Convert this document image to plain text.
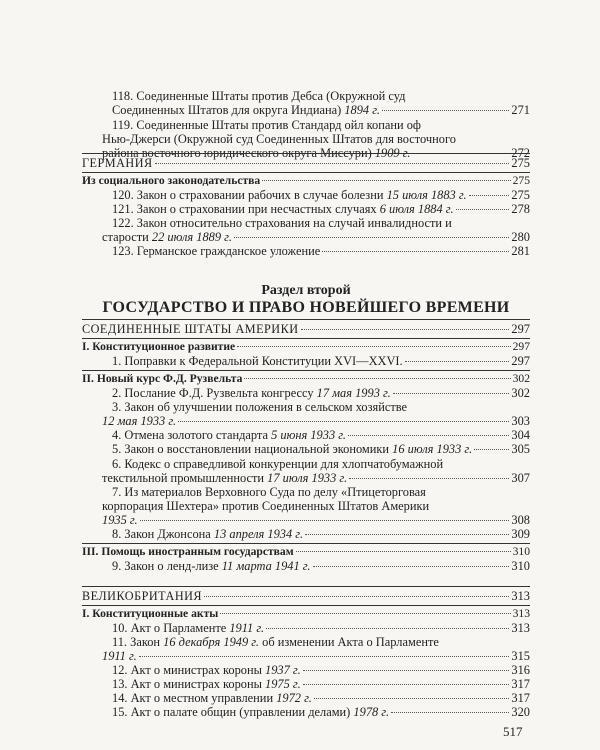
118. Соединенные Штаты против Дебса (Окружной суд
Соединенных Штатов для округа Индиана) 1894 г.	271
119. Соединенные Штаты против Стандард ойл копани оф
Нью-Джерси (Окружной суд Соединенных Штатов для восточного
района восточного юридического округа Миссури) 1909 г.	272
ГЕРМАНИЯ	275
Из социального законодательства	275
120. Закон о страховании рабочих в случае болезни 15 июля 1883 г.	275
121. Закон о страховании при несчастных случаях 6 июля 1884 г.	278
122. Закон относительно страхования на случай инвалидности и
старости 22 июля 1889 г.	280
123. Германское гражданское уложение	281
Раздел второй
ГОСУДАРСТВО И ПРАВО НОВЕЙШЕГО ВРЕМЕНИ
СОЕДИНЕННЫЕ ШТАТЫ АМЕРИКИ	297
I. Конституционное развитие	297
1. Поправки к Федеральной Конституции XVI—XXVI.	297
II. Новый курс Ф.Д. Рузвельта	302
2. Послание Ф.Д. Рузвельта конгрессу 17 мая 1993 г.	302
3. Закон об улучшении положения в сельском хозяйстве
12 мая 1933 г.	303
4. Отмена золотого стандарта 5 июня 1933 г.	304
5. Закон о восстановлении национальной экономики 16 июля 1933 г.	305
6. Кодекс о справедливой конкуренции для хлопчатобумажной
текстильной промышленности 17 июля 1933 г.	307
7. Из материалов Верховного Суда по делу «Птицеторговая
корпорация Шехтера» против Соединенных Штатов Америки
1935 г.	308
8. Закон Джонсона 13 апреля 1934 г.	309
III. Помощь иностранным государствам	310
9. Закон о ленд-лизе 11 марта 1941 г.	310
ВЕЛИКОБРИТАНИЯ	313
I. Конституционные акты	313
10. Акт о Парламенте 1911 г.	313
11. Закон 16 декабря 1949 г. об изменении Акта о Парламенте
1911 г.	315
12. Акт о министрах короны 1937 г.	316
13. Акт о министрах короны 1975 г.	317
14. Акт о местном управлении 1972 г.	317
15. Акт о палате общин (управлении делами) 1978 г.	320
517
